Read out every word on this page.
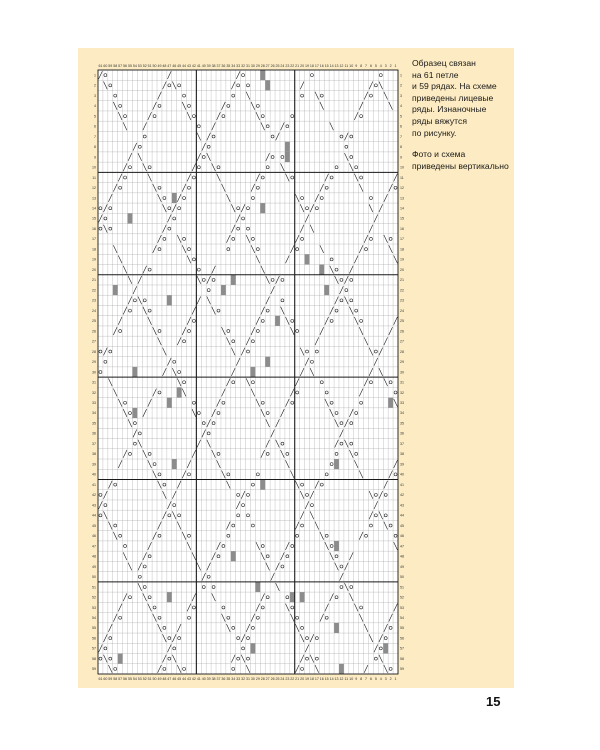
61
61
60
60
59
59
58
58
57
57
56
56
55
55
54
54
53
53
52
52
51
51
50
50
49
49
48
48
47
47
46
46
45
45
44
44
43
43
42
42
41
41
40
40
39
39
38
38
37
37
36
36
35
35
34
34
33
33
32
32
31
31
30
30
29
29
28
28
27
27
26
26
25
25
24
24
23
23
22
22
21
21
20
20
19
19
18
18
17
17
16
16
15
15
14
14
13
13
12
12
11
11
10
10
9
9
8
8
7
7
6
6
5
5
4
4
3
3
2
2
1
1
1	1
2	2
3	3
4	4
5	5
6	6
7	7
8	8
9	9
10	10
11	11
12	12
13	13
14	14
15	15
16	16
17	17
18	18
19	19
20	20
21	21
22	22
23	23
24	24
25	25
26	26
27	27
28	28
29	29
30	30
31	31
32	32
33	33
34	34
35	35
36	36
37	37
38	38
39	39
40	40
41	41
42	42
43	43
44	44
45	45
46	46
47	47
48	48
49	49
50	50
51	51
52	52
53	53
54	54
55	55
56	56
57	57
58	58
59	59

Образец связан
на 61 петле
и 59 рядах. На схеме
приведены лицевые
ряды. Изнаночные
ряды вяжутся
по рисунку.

Фото и схема
приведены вертикально

15
